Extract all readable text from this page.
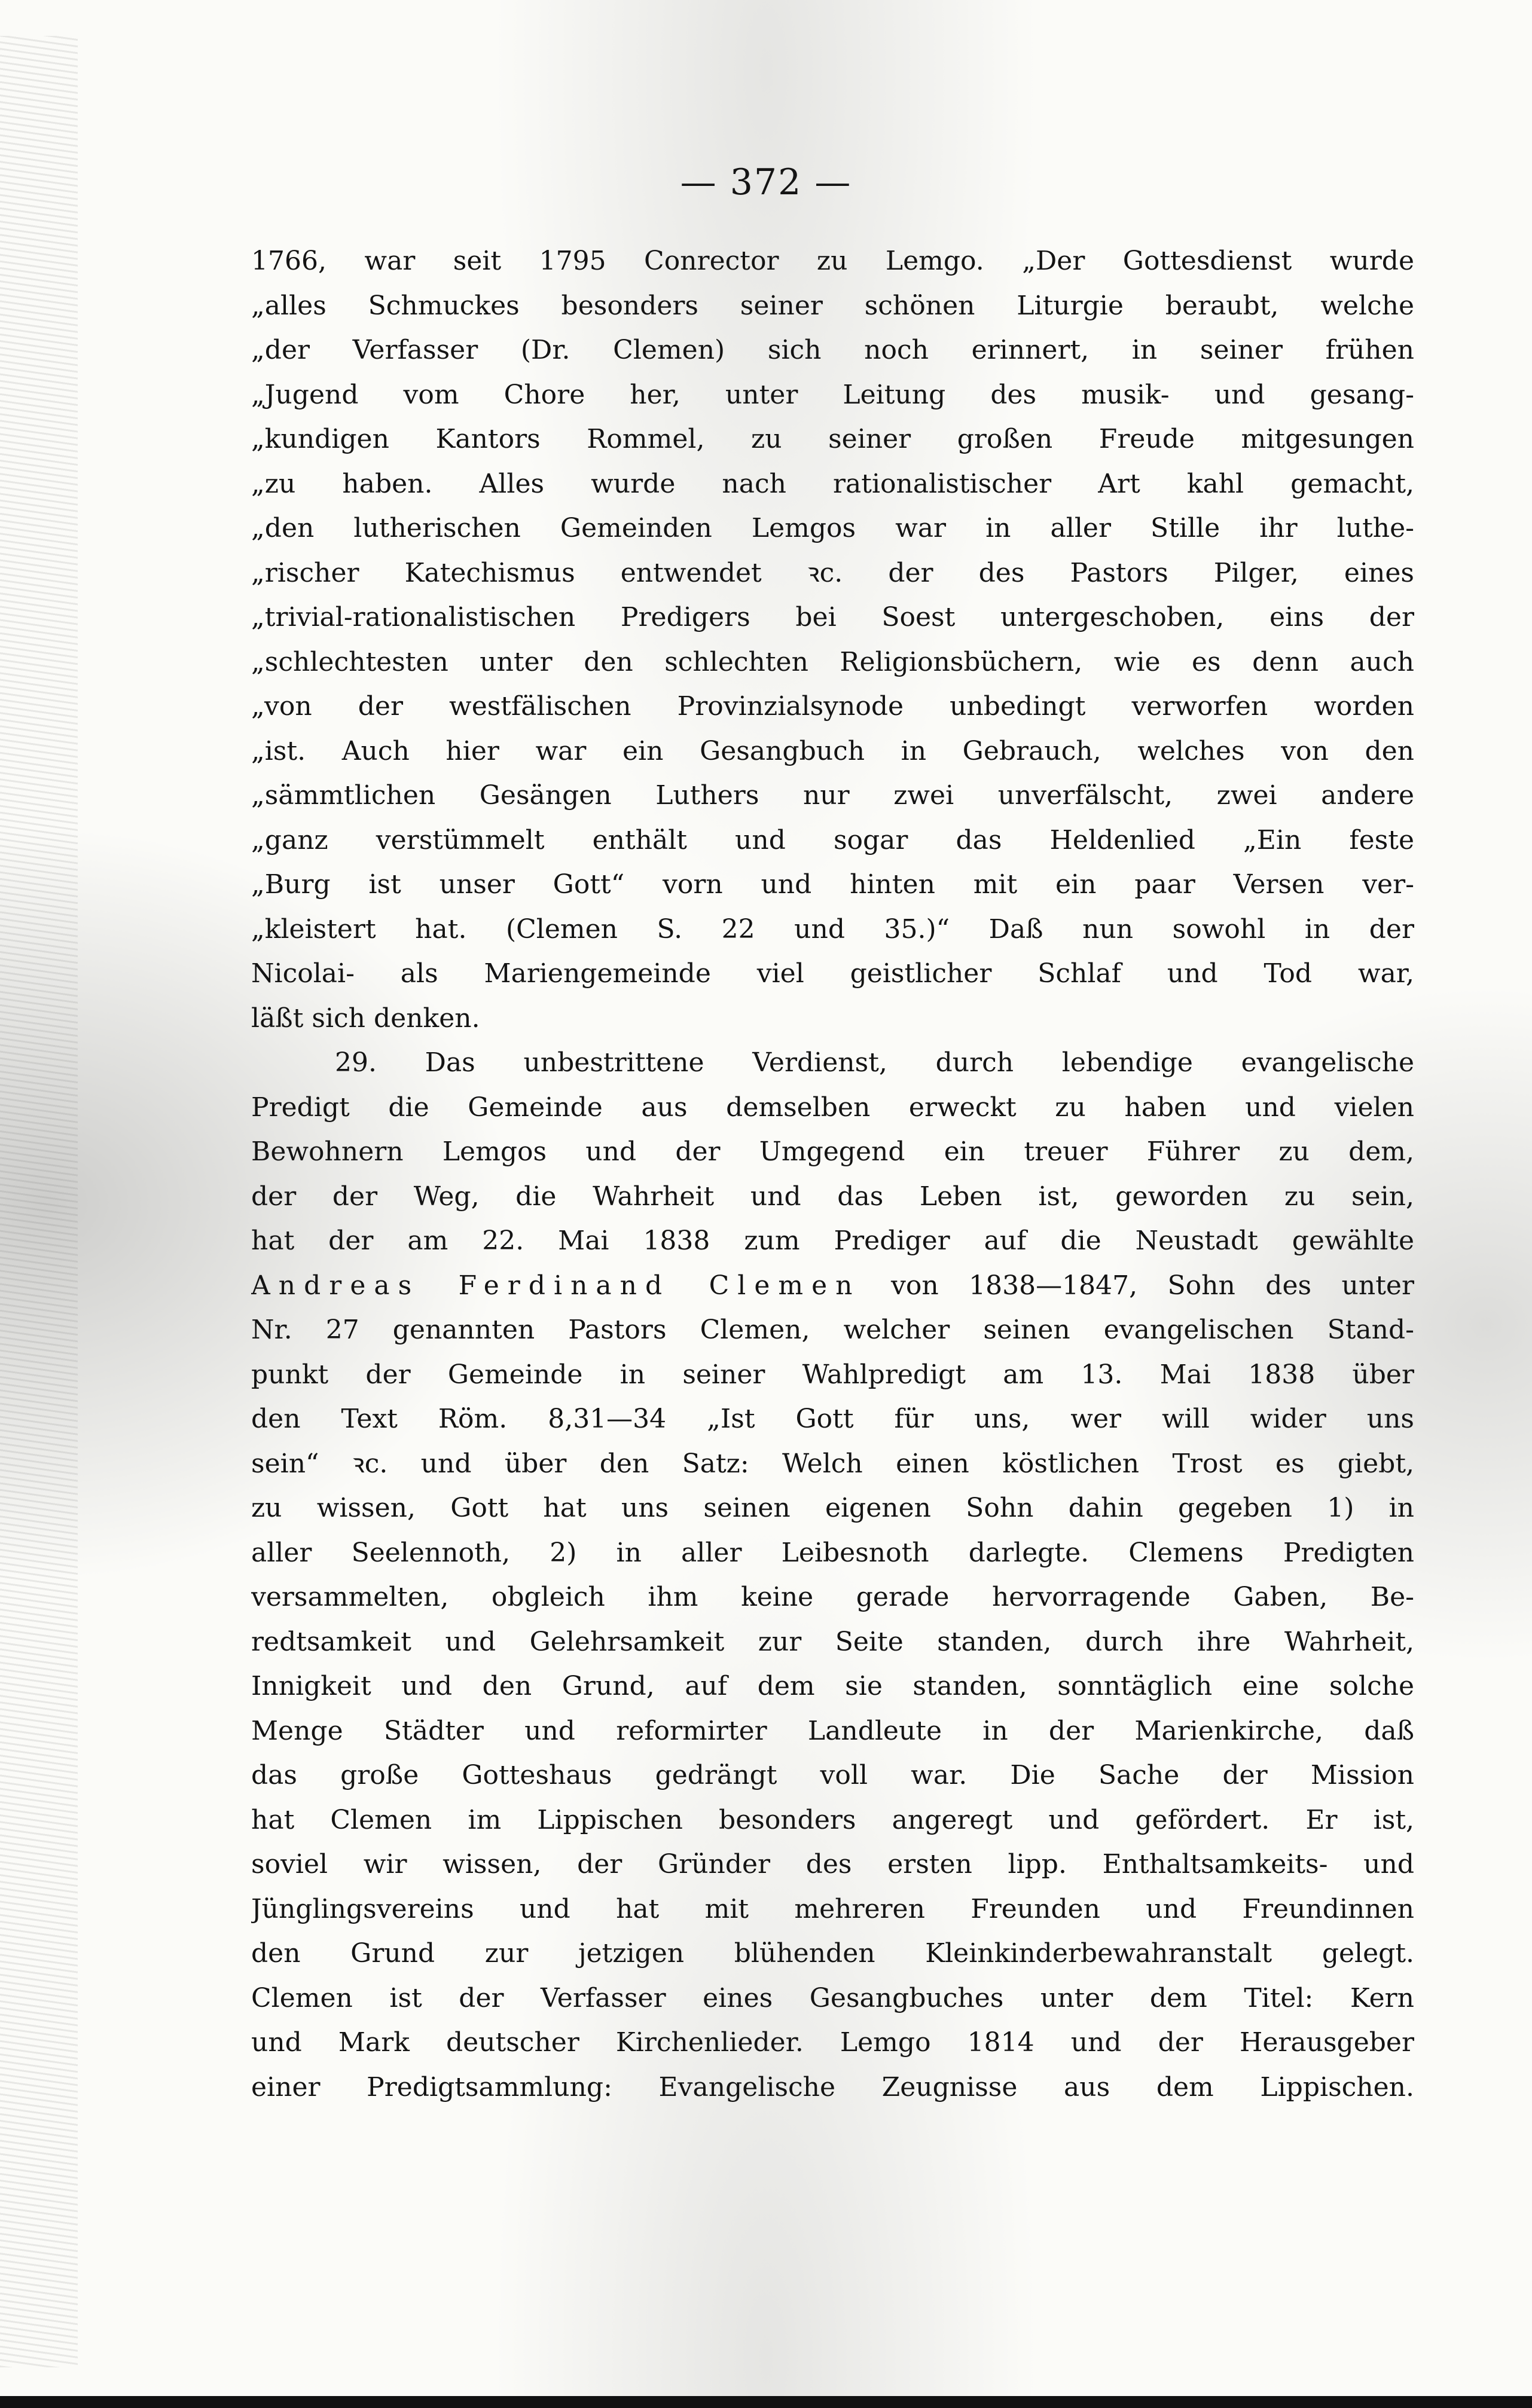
— 372 —
1766, war seit 1795 Conrector zu Lemgo. „Der Gottesdienst wurde
„alles Schmuckes besonders seiner schönen Liturgie beraubt, welche
„der Verfasser (Dr. Clemen) sich noch erinnert, in seiner frühen
„Jugend vom Chore her, unter Leitung des musik- und gesang-
„kundigen Kantors Rommel, zu seiner großen Freude mitgesungen
„zu haben. Alles wurde nach rationalistischer Art kahl gemacht,
„den lutherischen Gemeinden Lemgos war in aller Stille ihr luthe-
„rischer Katechismus entwendet ꝛc. der des Pastors Pilger, eines
„trivial-rationalistischen Predigers bei Soest untergeschoben, eins der
„schlechtesten unter den schlechten Religionsbüchern, wie es denn auch
„von der westfälischen Provinzialsynode unbedingt verworfen worden
„ist. Auch hier war ein Gesangbuch in Gebrauch, welches von den
„sämmtlichen Gesängen Luthers nur zwei unverfälscht, zwei andere
„ganz verstümmelt enthält und sogar das Heldenlied „Ein feste
„Burg ist unser Gott“ vorn und hinten mit ein paar Versen ver-
„kleistert hat. (Clemen S. 22 und 35.)“ Daß nun sowohl in der
Nicolai- als Mariengemeinde viel geistlicher Schlaf und Tod war,
läßt sich denken.
29. Das unbestrittene Verdienst, durch lebendige evangelische
Predigt die Gemeinde aus demselben erweckt zu haben und vielen
Bewohnern Lemgos und der Umgegend ein treuer Führer zu dem,
der der Weg, die Wahrheit und das Leben ist, geworden zu sein,
hat der am 22. Mai 1838 zum Prediger auf die Neustadt gewählte
Andreas Ferdinand Clemen von 1838—1847, Sohn des unter
Nr. 27 genannten Pastors Clemen, welcher seinen evangelischen Stand-
punkt der Gemeinde in seiner Wahlpredigt am 13. Mai 1838 über
den Text Röm. 8,31—34 „Ist Gott für uns, wer will wider uns
sein“ ꝛc. und über den Satz: Welch einen köstlichen Trost es giebt,
zu wissen, Gott hat uns seinen eigenen Sohn dahin gegeben 1) in
aller Seelennoth, 2) in aller Leibesnoth darlegte. Clemens Predigten
versammelten, obgleich ihm keine gerade hervorragende Gaben, Be-
redtsamkeit und Gelehrsamkeit zur Seite standen, durch ihre Wahrheit,
Innigkeit und den Grund, auf dem sie standen, sonntäglich eine solche
Menge Städter und reformirter Landleute in der Marienkirche, daß
das große Gotteshaus gedrängt voll war. Die Sache der Mission
hat Clemen im Lippischen besonders angeregt und gefördert. Er ist,
soviel wir wissen, der Gründer des ersten lipp. Enthaltsamkeits- und
Jünglingsvereins und hat mit mehreren Freunden und Freundinnen
den Grund zur jetzigen blühenden Kleinkinderbewahranstalt gelegt.
Clemen ist der Verfasser eines Gesangbuches unter dem Titel: Kern
und Mark deutscher Kirchenlieder. Lemgo 1814 und der Herausgeber
einer Predigtsammlung: Evangelische Zeugnisse aus dem Lippischen.
